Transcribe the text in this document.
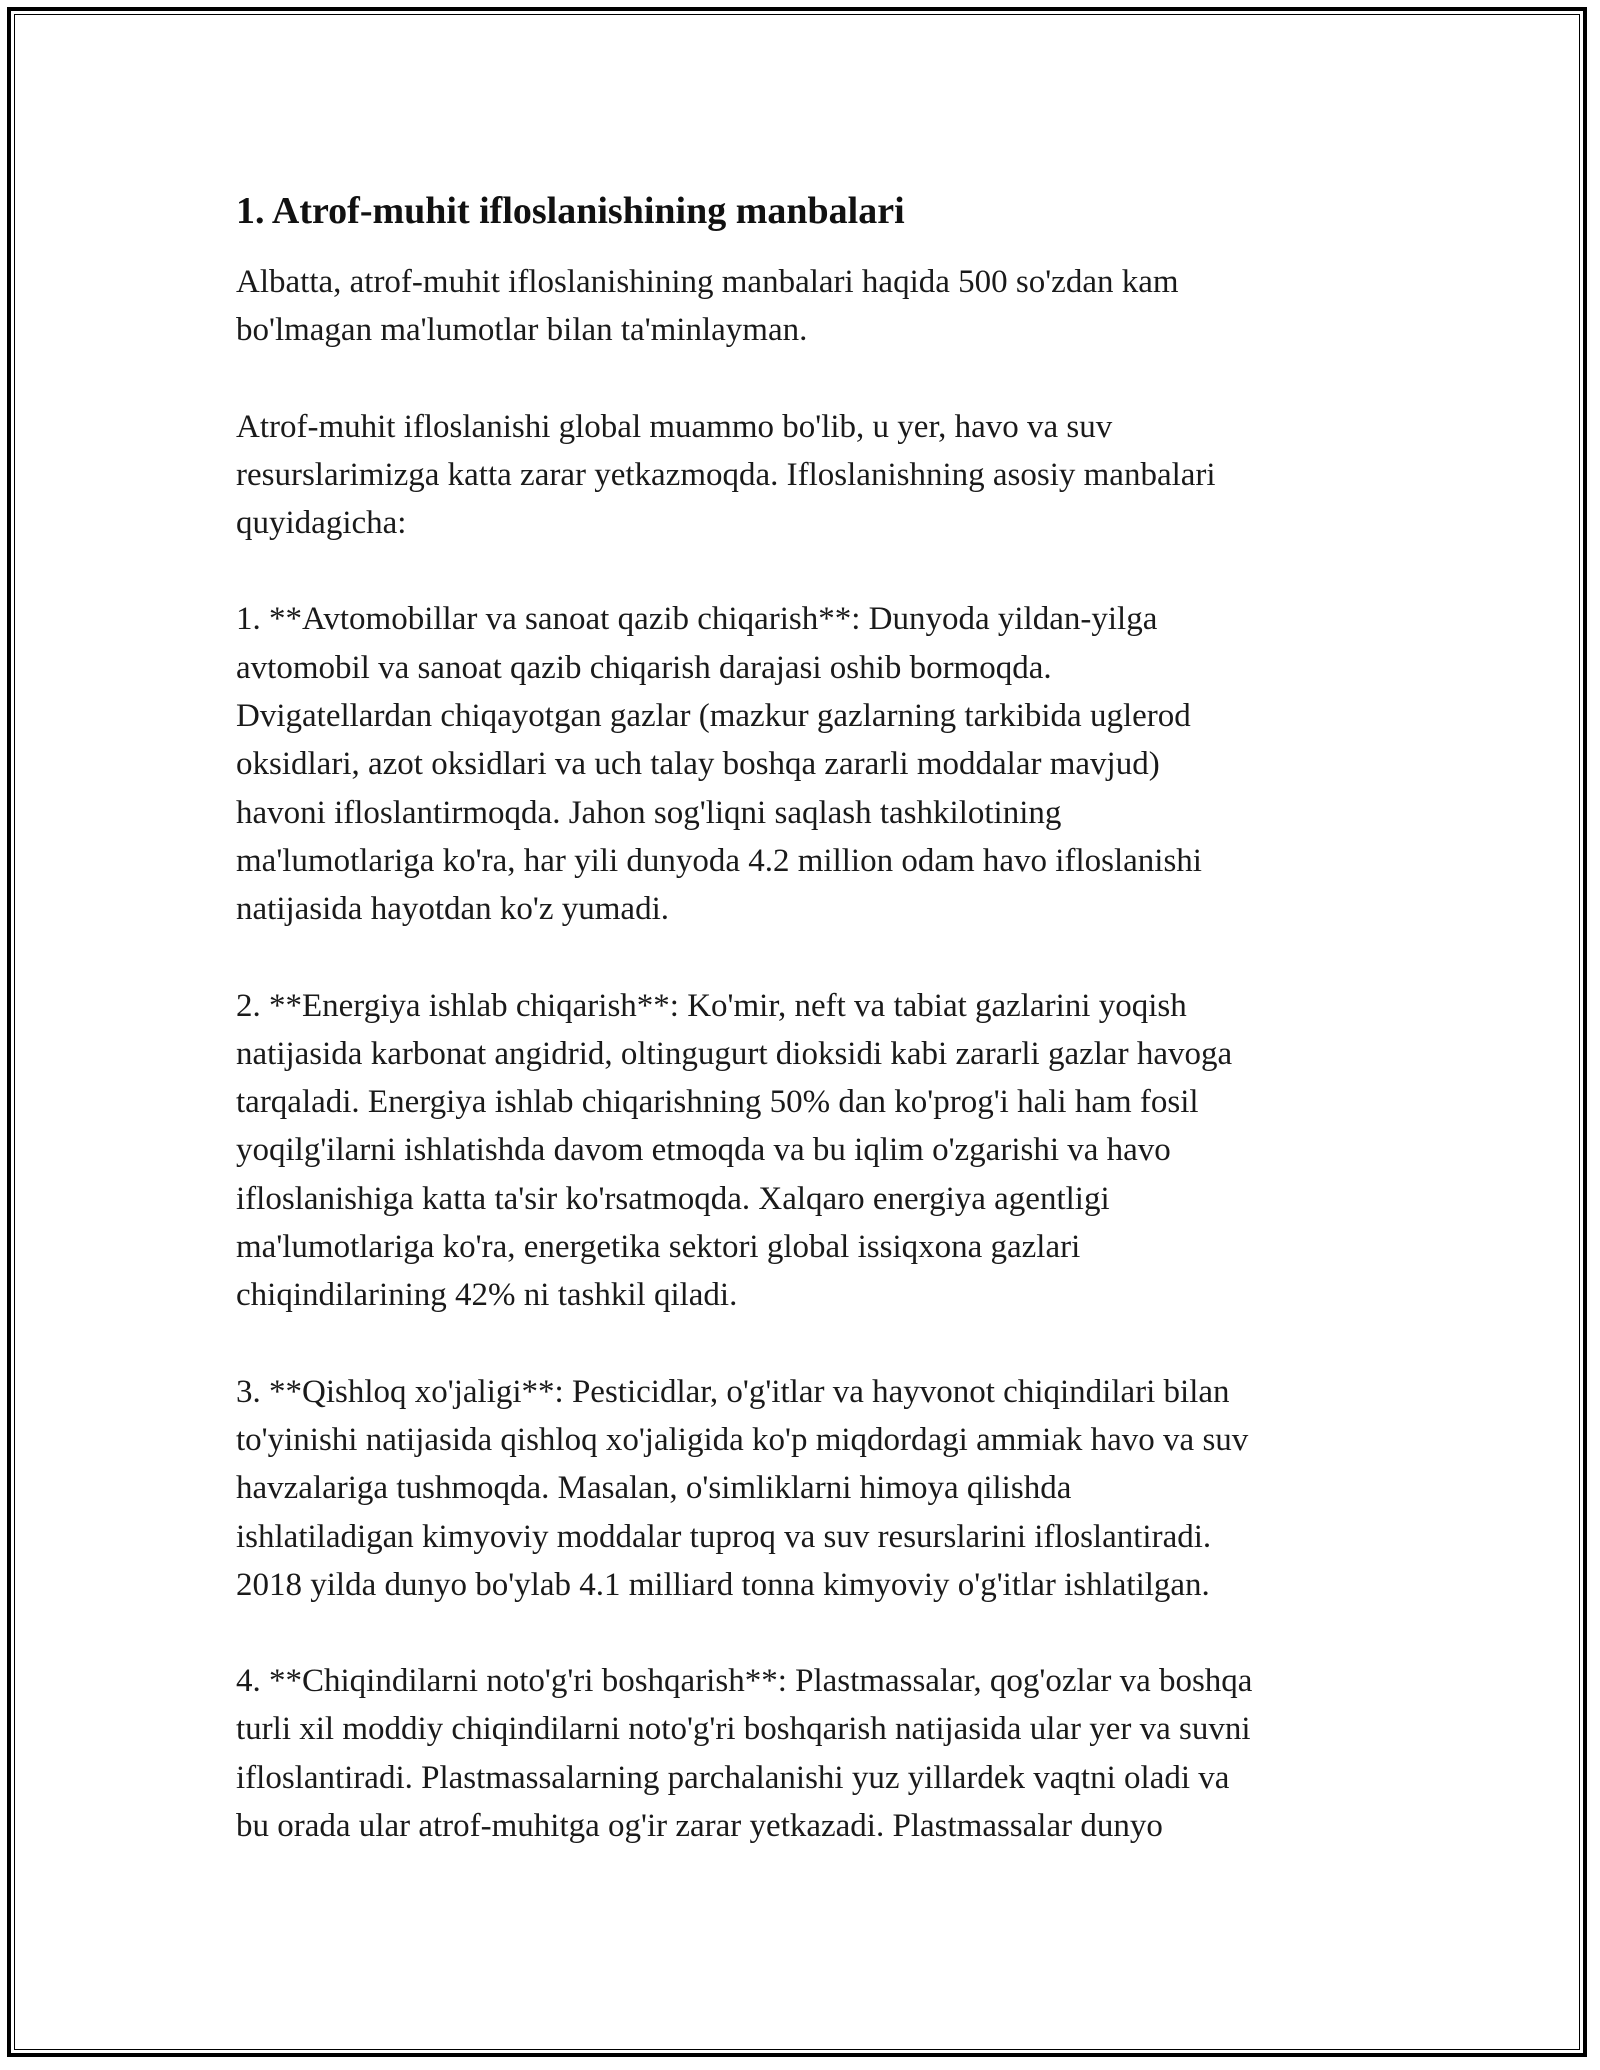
1. Atrof-muhit ifloslanishining manbalari
Albatta, atrof-muhit ifloslanishining manbalari haqida 500 so'zdan kam
bo'lmagan ma'lumotlar bilan ta'minlayman.
Atrof-muhit ifloslanishi global muammo bo'lib, u yer, havo va suv
resurslarimizga katta zarar yetkazmoqda. Ifloslanishning asosiy manbalari
quyidagicha:
1. **Avtomobillar va sanoat qazib chiqarish**: Dunyoda yildan-yilga
avtomobil va sanoat qazib chiqarish darajasi oshib bormoqda.
Dvigatellardan chiqayotgan gazlar (mazkur gazlarning tarkibida uglerod
oksidlari, azot oksidlari va uch talay boshqa zararli moddalar mavjud)
havoni ifloslantirmoqda. Jahon sog'liqni saqlash tashkilotining
ma'lumotlariga ko'ra, har yili dunyoda 4.2 million odam havo ifloslanishi
natijasida hayotdan ko'z yumadi.
2. **Energiya ishlab chiqarish**: Ko'mir, neft va tabiat gazlarini yoqish
natijasida karbonat angidrid, oltingugurt dioksidi kabi zararli gazlar havoga
tarqaladi. Energiya ishlab chiqarishning 50% dan ko'prog'i hali ham fosil
yoqilg'ilarni ishlatishda davom etmoqda va bu iqlim o'zgarishi va havo
ifloslanishiga katta ta'sir ko'rsatmoqda. Xalqaro energiya agentligi
ma'lumotlariga ko'ra, energetika sektori global issiqxona gazlari
chiqindilarining 42% ni tashkil qiladi.
3. **Qishloq xo'jaligi**: Pesticidlar, o'g'itlar va hayvonot chiqindilari bilan
to'yinishi natijasida qishloq xo'jaligida ko'p miqdordagi ammiak havo va suv
havzalariga tushmoqda. Masalan, o'simliklarni himoya qilishda
ishlatiladigan kimyoviy moddalar tuproq va suv resurslarini ifloslantiradi.
2018 yilda dunyo bo'ylab 4.1 milliard tonna kimyoviy o'g'itlar ishlatilgan.
4. **Chiqindilarni noto'g'ri boshqarish**: Plastmassalar, qog'ozlar va boshqa
turli xil moddiy chiqindilarni noto'g'ri boshqarish natijasida ular yer va suvni
ifloslantiradi. Plastmassalarning parchalanishi yuz yillardek vaqtni oladi va
bu orada ular atrof-muhitga og'ir zarar yetkazadi. Plastmassalar dunyo
